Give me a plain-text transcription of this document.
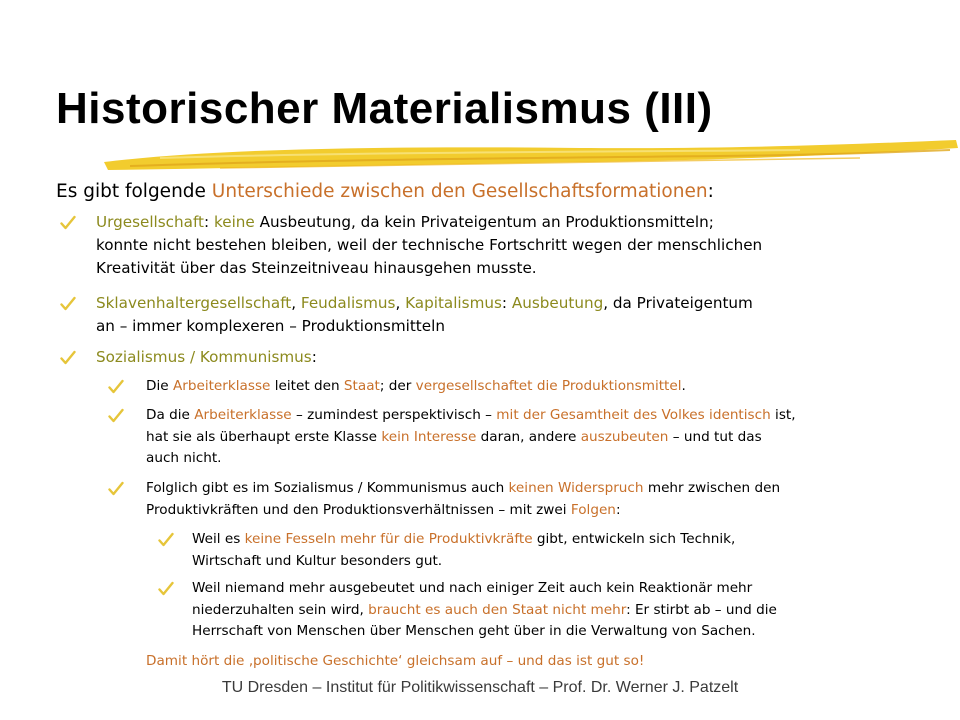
Historischer Materialismus (III)

Es gibt folgende Unterschiede zwischen den Gesellschaftsformationen:

Urgesellschaft: keine Ausbeutung, da kein Privateigentum an Produktionsmitteln;
konnte nicht bestehen bleiben, weil der technische Fortschritt wegen der menschlichen
Kreativität über das Steinzeitniveau hinausgehen musste.
Sklavenhaltergesellschaft, Feudalismus, Kapitalismus: Ausbeutung, da Privateigentum
an – immer komplexeren – Produktionsmitteln
Sozialismus / Kommunismus:
Die Arbeiterklasse leitet den Staat; der vergesellschaftet die Produktionsmittel.
Da die Arbeiterklasse – zumindest perspektivisch – mit der Gesamtheit des Volkes identisch ist,
hat sie als überhaupt erste Klasse kein Interesse daran, andere auszubeuten – und tut das
auch nicht.
Folglich gibt es im Sozialismus / Kommunismus auch keinen Widerspruch mehr zwischen den
Produktivkräften und den Produktionsverhältnissen – mit zwei Folgen:
Weil es keine Fesseln mehr für die Produktivkräfte gibt, entwickeln sich Technik,
Wirtschaft und Kultur besonders gut.
Weil niemand mehr ausgebeutet und nach einiger Zeit auch kein Reaktionär mehr
niederzuhalten sein wird, braucht es auch den Staat nicht mehr: Er stirbt ab – und die
Herrschaft von Menschen über Menschen geht über in die Verwaltung von Sachen.

Damit hört die ‚politische Geschichte‘ gleichsam auf – und das ist gut so!

TU Dresden – Institut für Politikwissenschaft – Prof. Dr. Werner J. Patzelt
